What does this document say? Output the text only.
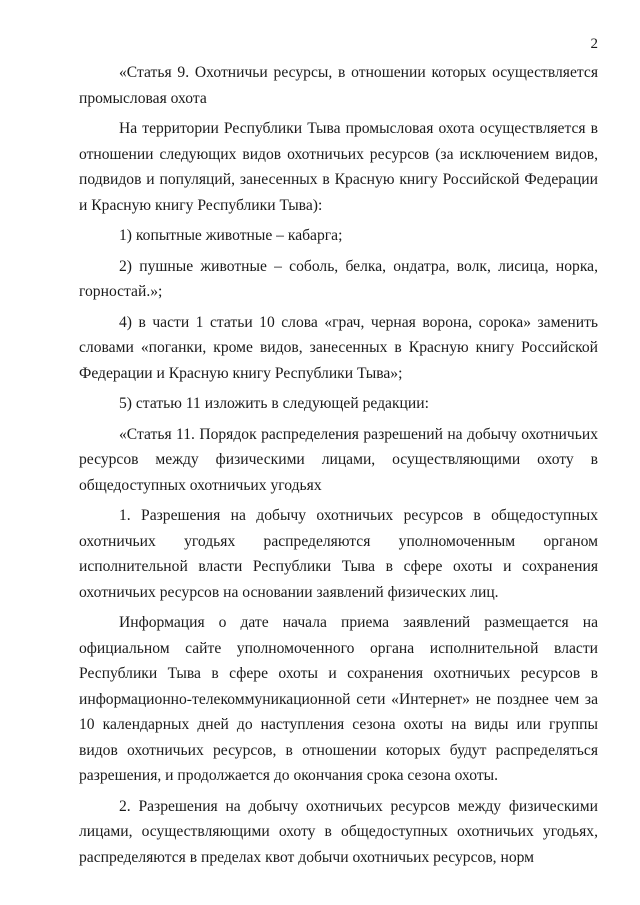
2

«Статья 9. Охотничьи ресурсы, в отношении которых осуществляется промысловая охота

На территории Республики Тыва промысловая охота осуществляется в отношении следующих видов охотничьих ресурсов (за исключением видов, подвидов и популяций, занесенных в Красную книгу Российской Федерации и Красную книгу Республики Тыва):

1) копытные животные – кабарга;

2) пушные животные – соболь, белка, ондатра, волк, лисица, норка, горностай.»;

4) в части 1 статьи 10 слова «грач, черная ворона, сорока» заменить словами «поганки, кроме видов, занесенных в Красную книгу Российской Федерации и Красную книгу Республики Тыва»;

5) статью 11 изложить в следующей редакции:

«Статья 11. Порядок распределения разрешений на добычу охотничьих ресурсов между физическими лицами, осуществляющими охоту в общедоступных охотничьих угодьях

1. Разрешения на добычу охотничьих ресурсов в общедоступных охотничьих угодьях распределяются уполномоченным органом исполнительной власти Республики Тыва в сфере охоты и сохранения охотничьих ресурсов на основании заявлений физических лиц.

Информация о дате начала приема заявлений размещается на официальном сайте уполномоченного органа исполнительной власти Республики Тыва в сфере охоты и сохранения охотничьих ресурсов в информационно-телекоммуникационной сети «Интернет» не позднее чем за 10 календарных дней до наступления сезона охоты на виды или группы видов охотничьих ресурсов, в отношении которых будут распределяться разрешения, и продолжается до окончания срока сезона охоты.

2. Разрешения на добычу охотничьих ресурсов между физическими лицами, осуществляющими охоту в общедоступных охотничьих угодьях, распределяются в пределах квот добычи охотничьих ресурсов, норм
